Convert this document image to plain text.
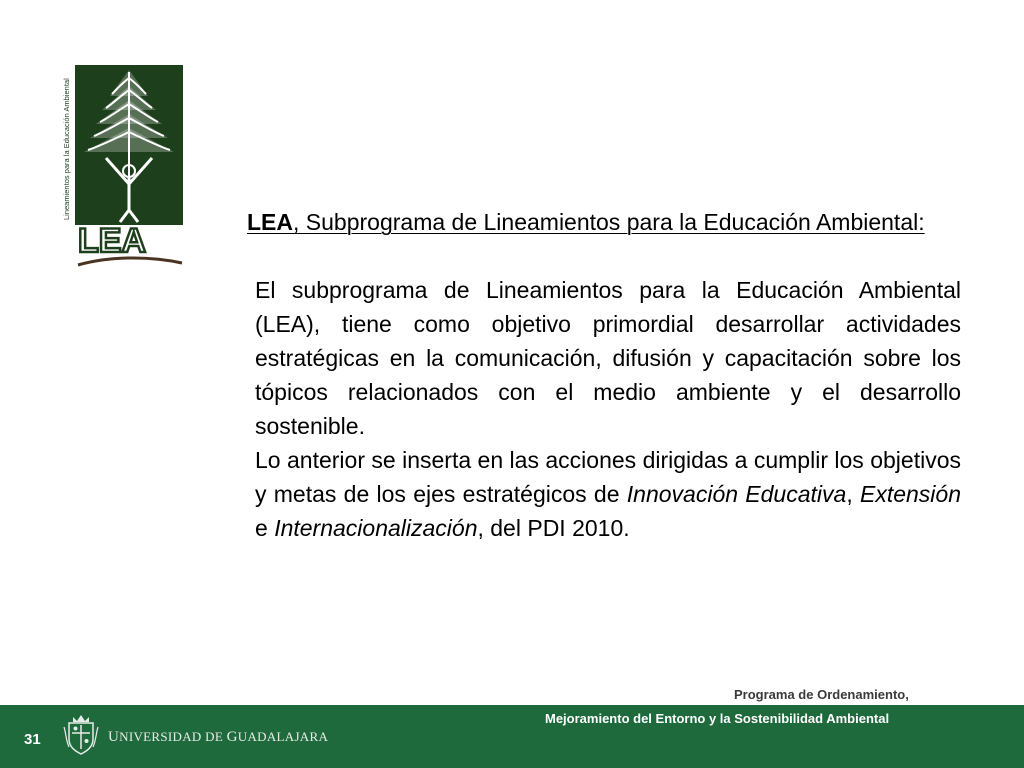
LEA
Lineamientos para la Educación Ambiental

LEA, Subprograma de Lineamientos para la Educación Ambiental:

El subprograma de Lineamientos para la Educación Ambiental (LEA), tiene como objetivo primordial desarrollar actividades estratégicas en la comunicación, difusión y capacitación sobre los tópicos relacionados con el medio ambiente y el desarrollo sostenible.

Lo anterior se inserta en las acciones dirigidas a cumplir los objetivos y metas de los ejes estratégicos de Innovación Educativa, Extensión e Internacionalización, del PDI 2010.

Programa de Ordenamiento,
Mejoramiento del Entorno y la Sostenibilidad Ambiental
31	UNIVERSIDAD DE GUADALAJARA
